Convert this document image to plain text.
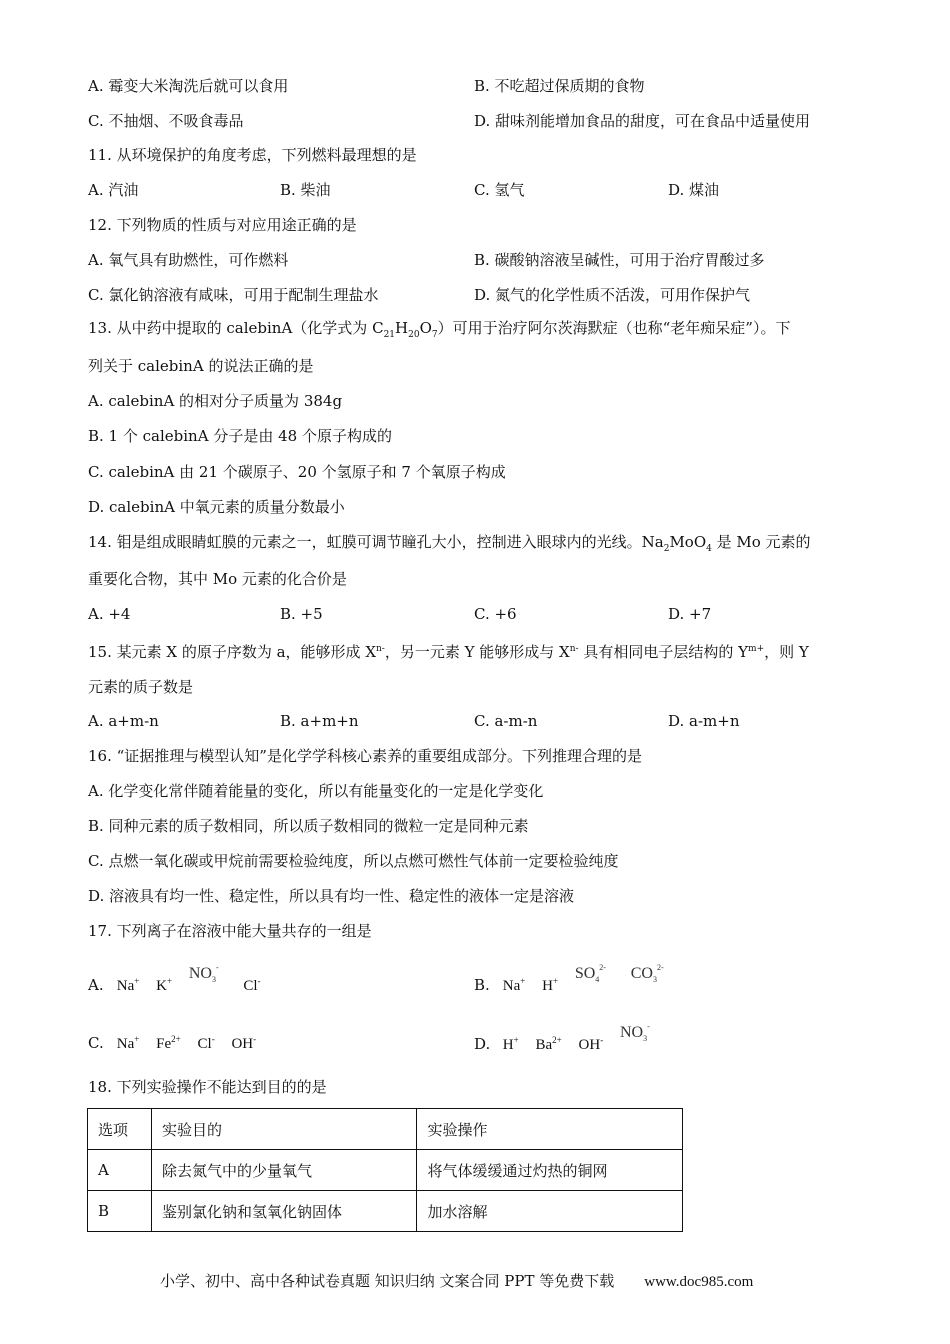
A. 霉变大米淘洗后就可以食用	B. 不吃超过保质期的食物
C. 不抽烟、不吸食毒品	D. 甜味剂能增加食品的甜度，可在食品中适量使用
11. 从环境保护的角度考虑，下列燃料最理想的是
A. 汽油	B. 柴油	C. 氢气	D. 煤油
12. 下列物质的性质与对应用途正确的是
A. 氧气具有助燃性，可作燃料	B. 碳酸钠溶液呈碱性，可用于治疗胃酸过多
C. 氯化钠溶液有咸味，可用于配制生理盐水	D. 氮气的化学性质不活泼，可用作保护气
13. 从中药中提取的 calebinA（化学式为 $C_{21}H_{20}O_7$）可用于治疗阿尔茨海默症（也称“老年痴呆症”）。下
列关于 calebinA 的说法正确的是
A. calebinA 的相对分子质量为 384g
B. 1 个 calebinA 分子是由 48 个原子构成的
C. calebinA 由 21 个碳原子、20 个氢原子和 7 个氧原子构成
D. calebinA 中氧元素的质量分数最小
14. 钼是组成眼睛虹膜的元素之一，虹膜可调节瞳孔大小，控制进入眼球内的光线。$Na_2MoO_4$ 是 Mo 元素的
重要化合物，其中 Mo 元素的化合价是
A. +4	B. +5	C. +6	D. +7
15. 某元素 X 的原子序数为 a，能够形成 $X^{n-}$，另一元素 Y 能够形成与 $X^{n-}$ 具有相同电子层结构的 $Y^{m+}$，则 Y
元素的质子数是
A. a+m-n	B. a+m+n	C. a-m-n	D. a-m+n
16. “证据推理与模型认知”是化学学科核心素养的重要组成部分。下列推理合理的是
A. 化学变化常伴随着能量的变化，所以有能量变化的一定是化学变化
B. 同种元素的质子数相同，所以质子数相同的微粒一定是同种元素
C. 点燃一氧化碳或甲烷前需要检验纯度，所以点燃可燃性气体前一定要检验纯度
D. 溶液具有均一性、稳定性，所以具有均一性、稳定性的液体一定是溶液
17. 下列离子在溶液中能大量共存的一组是
A. Na+ K+ $NO_3^-$ Cl-	B. Na+ H+ $SO_4^{2-}$ $CO_3^{2-}$
C. Na+ $Fe^{2+}$ Cl- OH-	D. H+ $Ba^{2+}$ OH- $NO_3^-$
18. 下列实验操作不能达到目的的是
选项	实验目的	实验操作
A	除去氮气中的少量氧气	将气体缓缓通过灼热的铜网
B	鉴别氯化钠和氢氧化钠固体	加水溶解
小学、初中、高中各种试卷真题 知识归纳 文案合同 PPT 等免费下载 www.doc985.com
